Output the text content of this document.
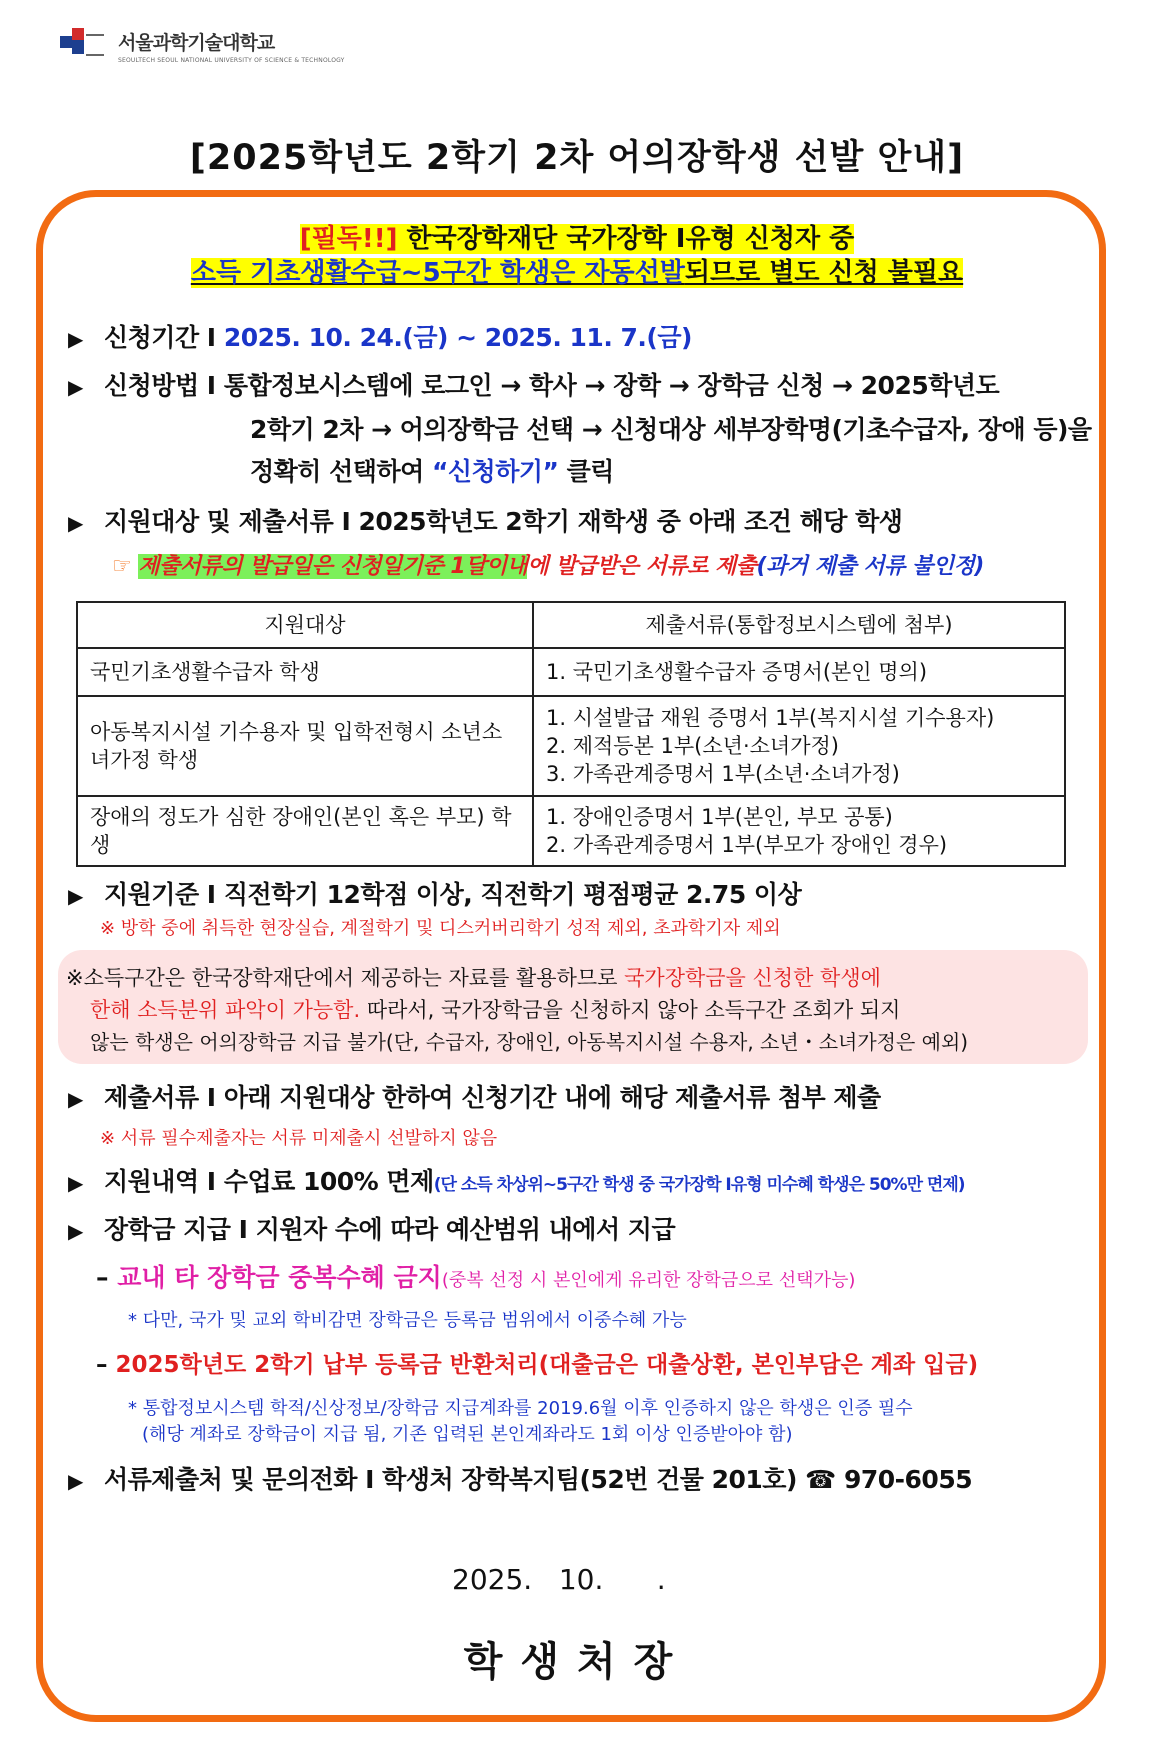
서울과학기술대학교
SEOULTECH SEOUL NATIONAL UNIVERSITY OF SCIENCE & TECHNOLOGY
[2025학년도 2학기 2차 어의장학생 선발 안내]
[필독!!] 한국장학재단 국가장학 Ⅰ유형 신청자 중
소득 기초생활수급~5구간 학생은 자동선발되므로 별도 신청 불필요
▶ 신청기간 Ⅰ 2025. 10. 24.(금) ~ 2025. 11. 7.(금)
▶ 신청방법 Ⅰ 통합정보시스템에 로그인 → 학사 → 장학 → 장학금 신청 → 2025학년도
2학기 2차 → 어의장학금 선택 → 신청대상 세부장학명(기초수급자, 장애 등)을
정확히 선택하여 “신청하기” 클릭
▶ 지원대상 및 제출서류 Ⅰ 2025학년도 2학기 재학생 중 아래 조건 해당 학생
☞ 제출서류의 발급일은 신청일기준 1달이내에 발급받은 서류로 제출(과거 제출 서류 불인정)
지원대상	제출서류(통합정보시스템에 첨부)
국민기초생활수급자 학생	1. 국민기초생활수급자 증명서(본인 명의)

아동복지시설 기수용자 및 입학전형시 소년소녀가정 학생	1. 시설발급 재원 증명서 1부(복지시설 기수용자)
2. 제적등본 1부(소년·소녀가정)
3. 가족관계증명서 1부(소년·소녀가정)

장애의 정도가 심한 장애인(본인 혹은 부모) 학생	1. 장애인증명서 1부(본인, 부모 공통)
2. 가족관계증명서 1부(부모가 장애인 경우)
▶ 지원기준 Ⅰ 직전학기 12학점 이상, 직전학기 평점평균 2.75 이상
※ 방학 중에 취득한 현장실습, 계절학기 및 디스커버리학기 성적 제외, 초과학기자 제외
※소득구간은 한국장학재단에서 제공하는 자료를 활용하므로 국가장학금을 신청한 학생에
한해 소득분위 파악이 가능함. 따라서, 국가장학금을 신청하지 않아 소득구간 조회가 되지
않는 학생은 어의장학금 지급 불가(단, 수급자, 장애인, 아동복지시설 수용자, 소년・소녀가정은 예외)
▶ 제출서류 Ⅰ 아래 지원대상 한하여 신청기간 내에 해당 제출서류 첨부 제출
※ 서류 필수제출자는 서류 미제출시 선발하지 않음
▶ 지원내역 Ⅰ 수업료 100% 면제(단 소득 차상위~5구간 학생 중 국가장학 Ⅰ유형 미수혜 학생은 50%만 면제)
▶ 장학금 지급 Ⅰ 지원자 수에 따라 예산범위 내에서 지급
– 교내 타 장학금 중복수혜 금지(중복 선정 시 본인에게 유리한 장학금으로 선택가능)
* 다만, 국가 및 교외 학비감면 장학금은 등록금 범위에서 이중수혜 가능
– 2025학년도 2학기 납부 등록금 반환처리(대출금은 대출상환, 본인부담은 계좌 입금)
* 통합정보시스템 학적/신상정보/장학금 지급계좌를 2019.6월 이후 인증하지 않은 학생은 인증 필수
(해당 계좌로 장학금이 지급 됨, 기존 입력된 본인계좌라도 1회 이상 인증받아야 함)
▶ 서류제출처 및 문의전화 Ⅰ 학생처 장학복지팀(52번 건물 201호) ☎ 970-6055
2025.   10.      .
학생처장
